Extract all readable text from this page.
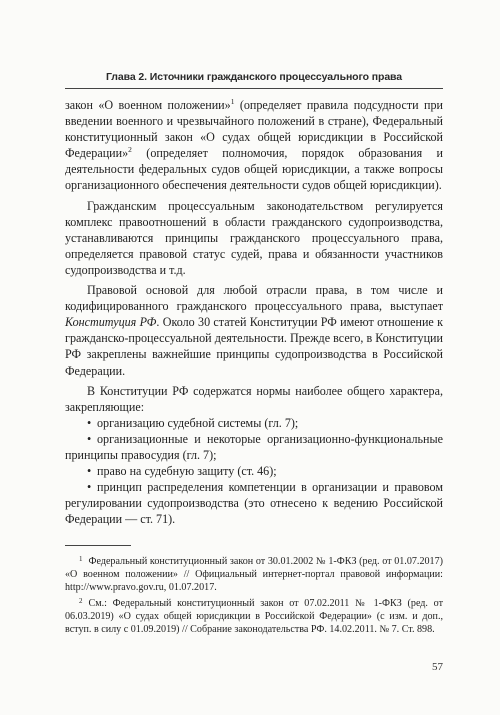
Глава 2. Источники гражданского процессуального права

закон «О военном положении»$^1$ (определяет правила подсудности при введении военного и чрезвычайного положений в стране), Федеральный конституционный закон «О судах общей юрисдикции в Российской Федерации»$^2$ (определяет полномочия, порядок образования и деятельности федеральных судов общей юрисдикции, а также вопросы организационного обеспечения деятельности судов общей юрисдикции).

Гражданским процессуальным законодательством регулируется комплекс правоотношений в области гражданского судопроизводства, устанавливаются принципы гражданского процессуального права, определяется правовой статус судей, права и обязанности участников судопроизводства и т.д.

Правовой основой для любой отрасли права, в том числе и кодифицированного гражданского процессуального права, выступает Конституция РФ. Около 30 статей Конституции РФ имеют отношение к гражданско-процессуальной деятельности. Прежде всего, в Конституции РФ закреплены важнейшие принципы судопроизводства в Российской Федерации.

В Конституции РФ содержатся нормы наиболее общего характера, закрепляющие:

• организацию судебной системы (гл. 7);
• организационные и некоторые организационно-функциональные принципы правосудия (гл. 7);
• право на судебную защиту (ст. 46);
• принцип распределения компетенции в организации и правовом регулировании судопроизводства (это отнесено к ведению Российской Федерации — ст. 71).

$^1$ Федеральный конституционный закон от 30.01.2002 № 1-ФКЗ (ред. от 01.07.2017) «О военном положении» // Официальный интернет-портал правовой информации: http://www.pravo.gov.ru, 01.07.2017.

$^2$ См.: Федеральный конституционный закон от 07.02.2011 № 1-ФКЗ (ред. от 06.03.2019) «О судах общей юрисдикции в Российской Федерации» (с изм. и доп., вступ. в силу с 01.09.2019) // Собрание законодательства РФ. 14.02.2011. № 7. Ст. 898.

57
